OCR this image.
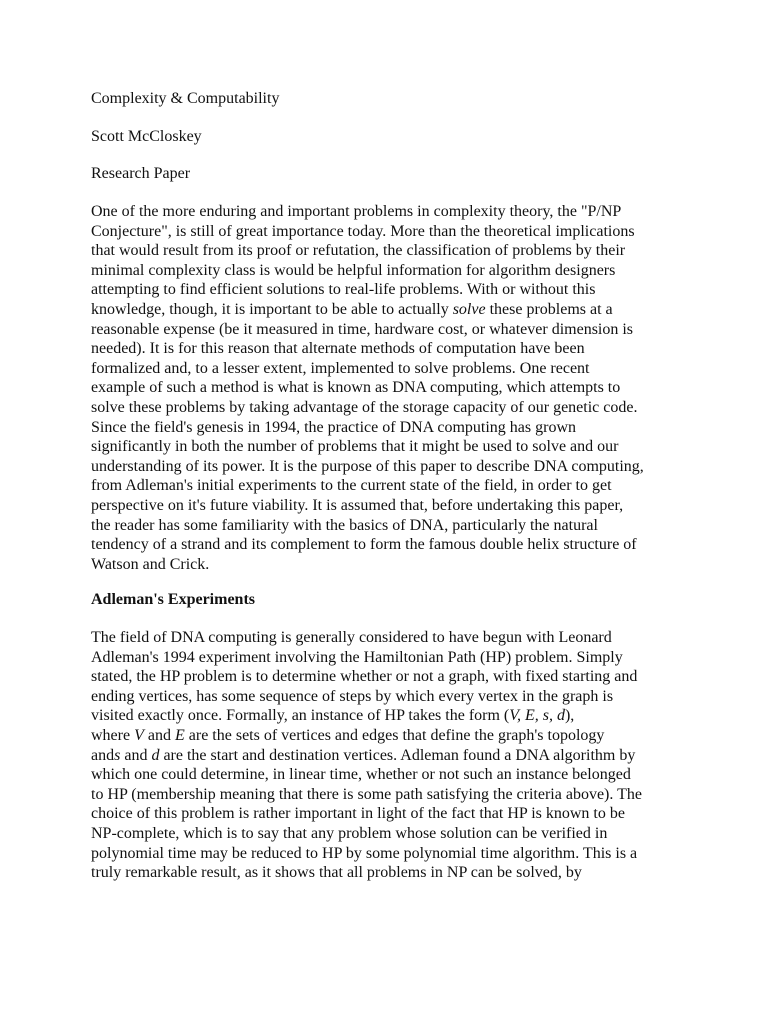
Complexity & Computability
Scott McCloskey
Research Paper
One of the more enduring and important problems in complexity theory, the "P/NP
Conjecture", is still of great importance today. More than the theoretical implications
that would result from its proof or refutation, the classification of problems by their
minimal complexity class is would be helpful information for algorithm designers
attempting to find efficient solutions to real-life problems. With or without this
knowledge, though, it is important to be able to actually solve these problems at a
reasonable expense (be it measured in time, hardware cost, or whatever dimension is
needed). It is for this reason that alternate methods of computation have been
formalized and, to a lesser extent, implemented to solve problems. One recent
example of such a method is what is known as DNA computing, which attempts to
solve these problems by taking advantage of the storage capacity of our genetic code.
Since the field's genesis in 1994, the practice of DNA computing has grown
significantly in both the number of problems that it might be used to solve and our
understanding of its power. It is the purpose of this paper to describe DNA computing,
from Adleman's initial experiments to the current state of the field, in order to get
perspective on it's future viability. It is assumed that, before undertaking this paper,
the reader has some familiarity with the basics of DNA, particularly the natural
tendency of a strand and its complement to form the famous double helix structure of
Watson and Crick.
Adleman's Experiments
The field of DNA computing is generally considered to have begun with Leonard
Adleman's 1994 experiment involving the Hamiltonian Path (HP) problem. Simply
stated, the HP problem is to determine whether or not a graph, with fixed starting and
ending vertices, has some sequence of steps by which every vertex in the graph is
visited exactly once. Formally, an instance of HP takes the form (V, E, s, d),
where V and E are the sets of vertices and edges that define the graph's topology
ands and d are the start and destination vertices. Adleman found a DNA algorithm by
which one could determine, in linear time, whether or not such an instance belonged
to HP (membership meaning that there is some path satisfying the criteria above). The
choice of this problem is rather important in light of the fact that HP is known to be
NP-complete, which is to say that any problem whose solution can be verified in
polynomial time may be reduced to HP by some polynomial time algorithm. This is a
truly remarkable result, as it shows that all problems in NP can be solved, by
